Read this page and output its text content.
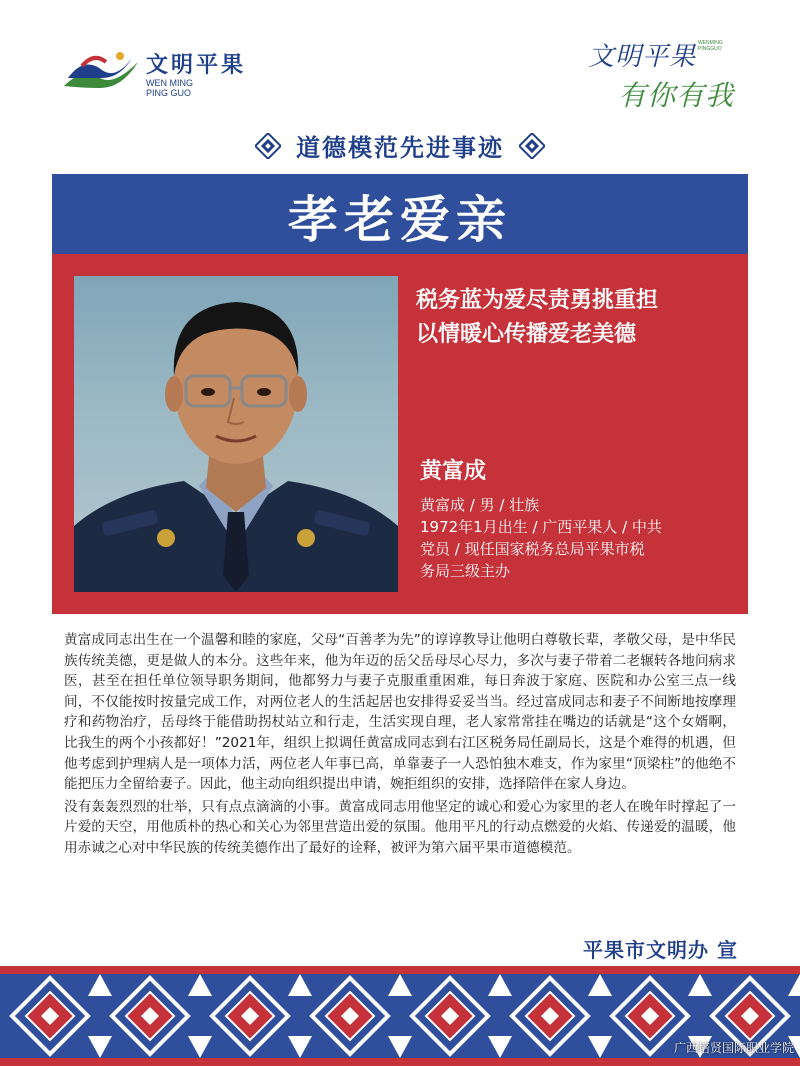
文明平果
WEN MING
PING GUO
文明平果 WENMING
PINGGUO
有你有我
道德模范先进事迹
孝老爱亲
税务蓝为爱尽责勇挑重担
以情暖心传播爱老美德
黄富成
黄富成 / 男 / 壮族
1972年1月出生 / 广西平果人 / 中共
党员 / 现任国家税务总局平果市税
务局三级主办

黄富成同志出生在一个温馨和睦的家庭，父母“百善孝为先”的谆谆教导让他明白尊敬长辈，孝敬父母，是中华民族传统美德，更是做人的本分。这些年来，他为年迈的岳父岳母尽心尽力，多次与妻子带着二老辗转各地问病求医，甚至在担任单位领导职务期间，他都努力与妻子克服重重困难，每日奔波于家庭、医院和办公室三点一线间，不仅能按时按量完成工作，对两位老人的生活起居也安排得妥妥当当。经过富成同志和妻子不间断地按摩理疗和药物治疗，岳母终于能借助拐杖站立和行走，生活实现自理，老人家常常挂在嘴边的话就是“这个女婿啊，比我生的两个小孩都好！”2021年，组织上拟调任黄富成同志到右江区税务局任副局长，这是个难得的机遇，但他考虑到护理病人是一项体力活，两位老人年事已高，单靠妻子一人恐怕独木难支，作为家里“顶梁柱”的他绝不能把压力全留给妻子。因此，他主动向组织提出申请，婉拒组织的安排，选择陪伴在家人身边。

没有轰轰烈烈的壮举，只有点点滴滴的小事。黄富成同志用他坚定的诚心和爱心为家里的老人在晚年时撑起了一片爱的天空，用他质朴的热心和关心为邻里营造出爱的氛围。他用平凡的行动点燃爱的火焰、传递爱的温暖，他用赤诚之心对中华民族的传统美德作出了最好的诠释，被评为第六届平果市道德模范。

平果市文明办 宣
广西培贤国际职业学院
